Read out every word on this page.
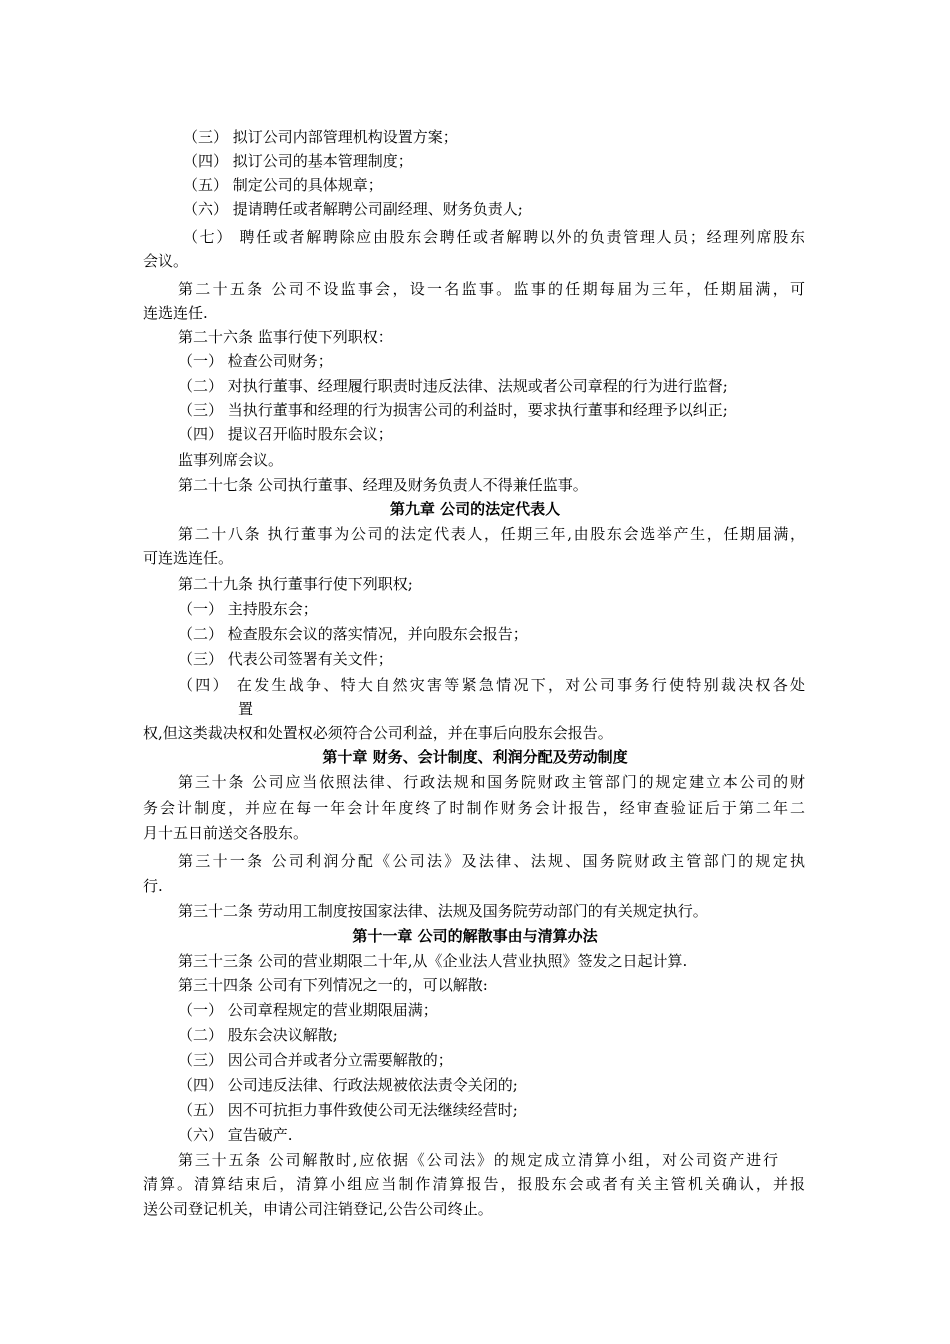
（三） 拟订公司内部管理机构设置方案；
（四） 拟订公司的基本管理制度；
（五） 制定公司的具体规章；
（六） 提请聘任或者解聘公司副经理、财务负责人;
（七） 聘任或者解聘除应由股东会聘任或者解聘以外的负责管理人员；经理列席股东
会议。
第二十五条 公司不设监事会，设一名监事。监事的任期每届为三年，任期届满，可
连选连任.
第二十六条 监事行使下列职权：
（一） 检查公司财务；
（二） 对执行董事、经理履行职责时违反法律、法规或者公司章程的行为进行监督;
（三） 当执行董事和经理的行为损害公司的利益时，要求执行董事和经理予以纠正;
（四） 提议召开临时股东会议；
监事列席会议。
第二十七条 公司执行董事、经理及财务负责人不得兼任监事。
第九章 公司的法定代表人
第二十八条 执行董事为公司的法定代表人，任期三年,由股东会选举产生，任期届满，
可连选连任。
第二十九条 执行董事行使下列职权;
（一） 主持股东会；
（二） 检查股东会议的落实情况，并向股东会报告；
（三） 代表公司签署有关文件；
（四） 在发生战争、特大自然灾害等紧急情况下，对公司事务行使特别裁决权各处
置
权,但这类裁决权和处置权必须符合公司利益，并在事后向股东会报告。
第十章 财务、会计制度、利润分配及劳动制度
第三十条 公司应当依照法律、行政法规和国务院财政主管部门的规定建立本公司的财
务会计制度，并应在每一年会计年度终了时制作财务会计报告，经审查验证后于第二年二
月十五日前送交各股东。
第三十一条 公司利润分配《公司法》及法律、法规、国务院财政主管部门的规定执
行.
第三十二条 劳动用工制度按国家法律、法规及国务院劳动部门的有关规定执行。
第十一章 公司的解散事由与清算办法
第三十三条 公司的营业期限二十年,从《企业法人营业执照》签发之日起计算.
第三十四条 公司有下列情况之一的，可以解散:
（一） 公司章程规定的营业期限届满；
（二） 股东会决议解散;
（三） 因公司合并或者分立需要解散的；
（四） 公司违反法律、行政法规被依法责令关闭的;
（五） 因不可抗拒力事件致使公司无法继续经营时;
（六） 宣告破产.
第三十五条 公司解散时,应依据《公司法》的规定成立清算小组，对公司资产进行
清算。清算结束后，清算小组应当制作清算报告，报股东会或者有关主管机关确认，并报
送公司登记机关，申请公司注销登记,公告公司终止。
